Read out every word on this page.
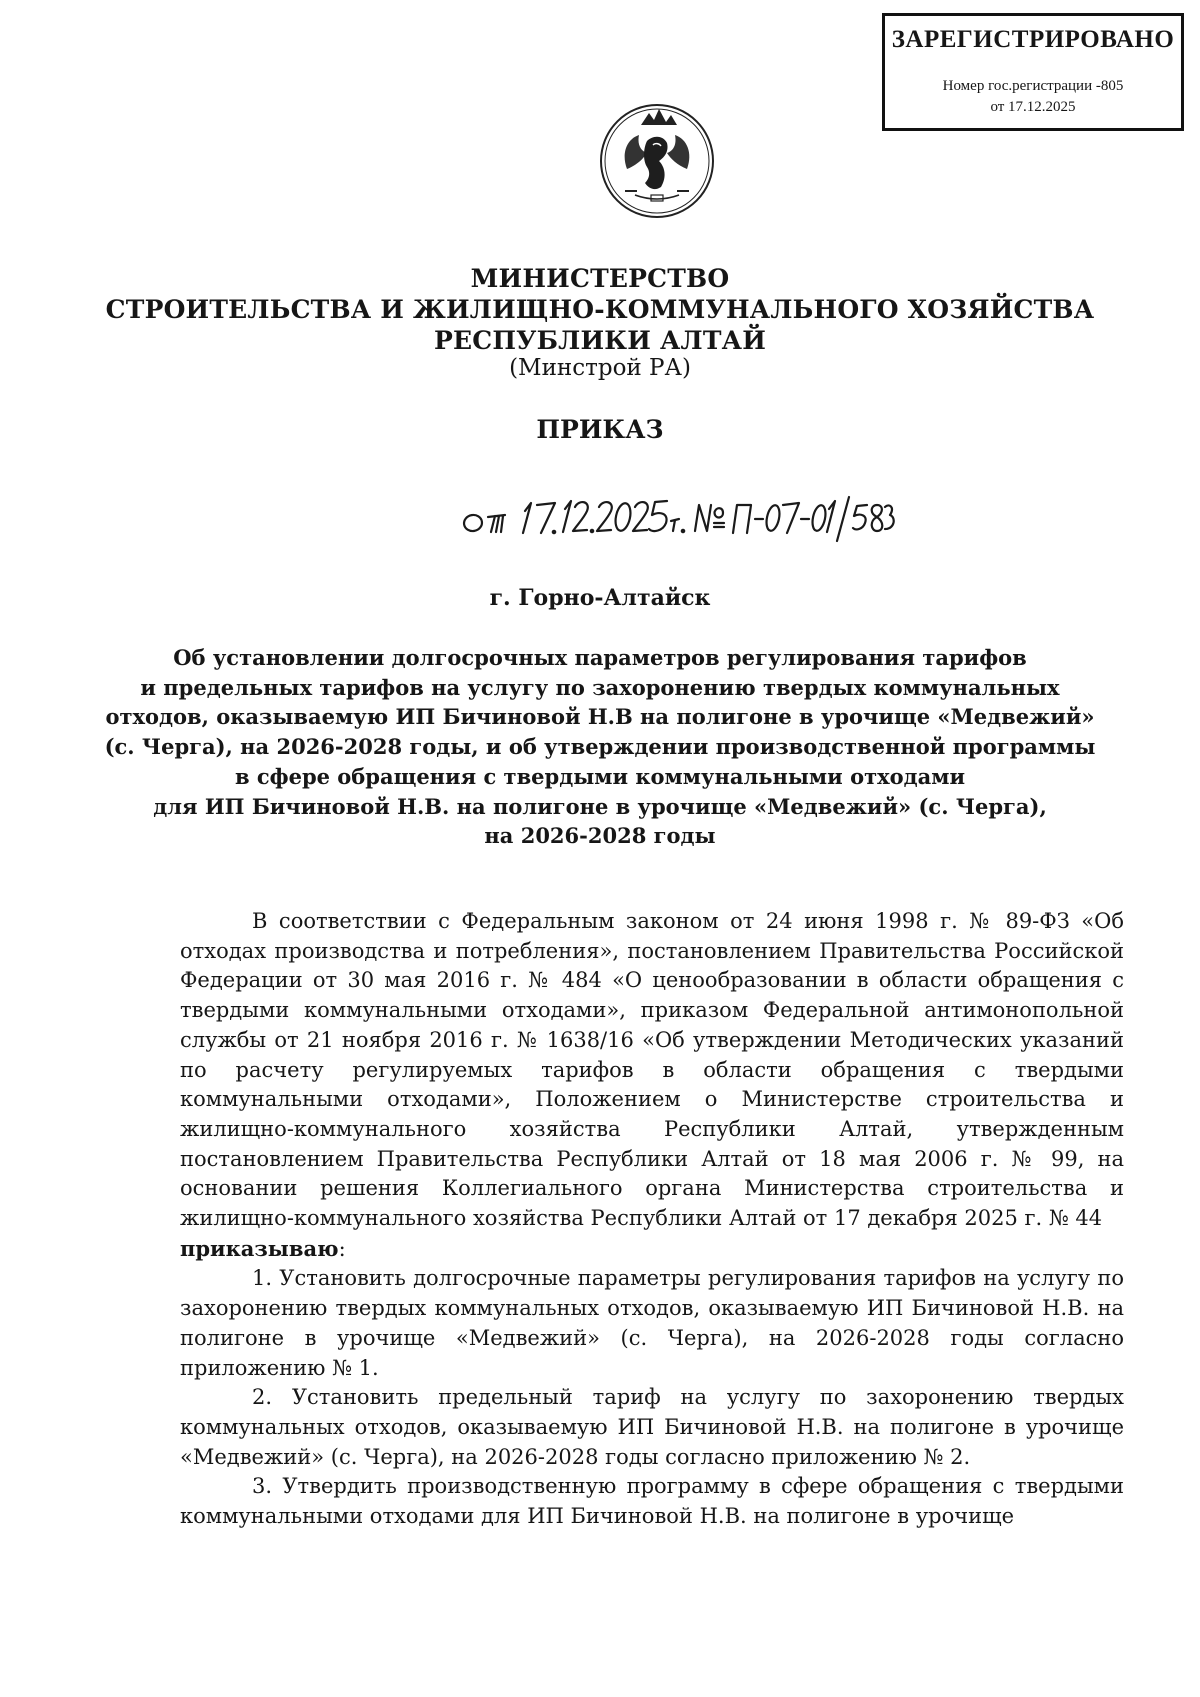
ЗАРЕГИСТРИРОВАНО
Номер гос.регистрации -805
от 17.12.2025
МИНИСТЕРСТВО
СТРОИТЕЛЬСТВА И ЖИЛИЩНО-КОММУНАЛЬНОГО ХОЗЯЙСТВА
РЕСПУБЛИКИ АЛТАЙ
(Минстрой РА)
ПРИКАЗ
г. Горно-Алтайск
Об установлении долгосрочных параметров регулирования тарифов
и предельных тарифов на услугу по захоронению твердых коммунальных
отходов, оказываемую ИП Бичиновой Н.В на полигоне в урочище «Медвежий»
(с. Черга), на 2026-2028 годы, и об утверждении производственной программы
в сфере обращения с твердыми коммунальными отходами
для ИП Бичиновой Н.В. на полигоне в урочище «Медвежий» (с. Черга),
на 2026-2028 годы

В соответствии с Федеральным законом от 24 июня 1998 г. № 89-ФЗ «Об отходах производства и потребления», постановлением Правительства Российской Федерации от 30 мая 2016 г. № 484 «О ценообразовании в области обращения с твердыми коммунальными отходами», приказом Федеральной антимонопольной службы от 21 ноября 2016 г. № 1638/16 «Об утверждении Методических указаний по расчету регулируемых тарифов в области обращения с твердыми коммунальными отходами», Положением о Министерстве строительства и жилищно-коммунального хозяйства Республики Алтай, утвержденным постановлением Правительства Республики Алтай от 18 мая 2006 г. № 99, на основании решения Коллегиального органа Министерства строительства и жилищно-коммунального хозяйства Республики Алтай от 17 декабря 2025 г. № 44

приказываю:

1. Установить долгосрочные параметры регулирования тарифов на услугу по захоронению твердых коммунальных отходов, оказываемую ИП Бичиновой Н.В. на полигоне в урочище «Медвежий» (с. Черга), на 2026-2028 годы согласно приложению № 1.

2. Установить предельный тариф на услугу по захоронению твердых коммунальных отходов, оказываемую ИП Бичиновой Н.В. на полигоне в урочище «Медвежий» (с. Черга), на 2026-2028 годы согласно приложению № 2.

3. Утвердить производственную программу в сфере обращения с твердыми коммунальными отходами для ИП Бичиновой Н.В. на полигоне в урочище
